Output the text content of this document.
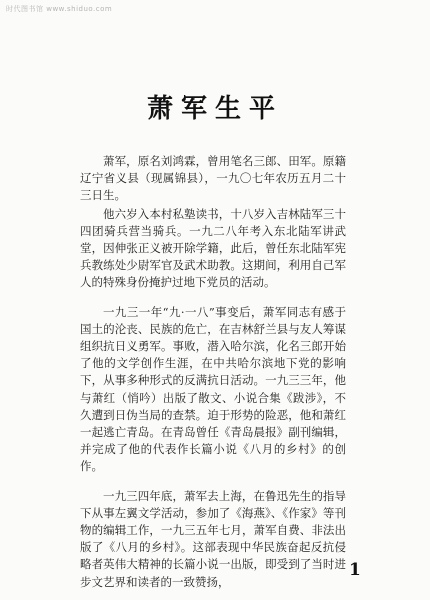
时代图书馆 www.shiduo.com
萧军生平

萧军，原名刘鸿霖，曾用笔名三郎、田军。原籍辽宁省义县（现属锦县），一九〇七年农历五月二十三日生。

他六岁入本村私塾读书，十八岁入吉林陆军三十四团骑兵营当骑兵。一九二八年考入东北陆军讲武堂，因伸张正义被开除学籍，此后，曾任东北陆军宪兵教练处少尉军官及武术助教。这期间，利用自己军人的特殊身份掩护过地下党员的活动。

一九三一年“九·一八”事变后，萧军同志有感于国土的沦丧、民族的危亡，在吉林舒兰县与友人筹谋组织抗日义勇军。事败，潜入哈尔滨，化名三郎开始了他的文学创作生涯，在中共哈尔滨地下党的影响下，从事多种形式的反满抗日活动。一九三三年，他与萧红（悄吟）出版了散文、小说合集《跋涉》，不久遭到日伪当局的查禁。迫于形势的险恶，他和萧红一起逃亡青岛。在青岛曾任《青岛晨报》副刊编辑，并完成了他的代表作长篇小说《八月的乡村》的创作。

一九三四年底，萧军去上海，在鲁迅先生的指导下从事左翼文学活动，参加了《海燕》、《作家》等刊物的编辑工作，一九三五年七月，萧军自费、非法出版了《八月的乡村》。这部表现中华民族奋起反抗侵略者英伟大精神的长篇小说一出版，即受到了当时进步文艺界和读者的一致赞扬，

1
